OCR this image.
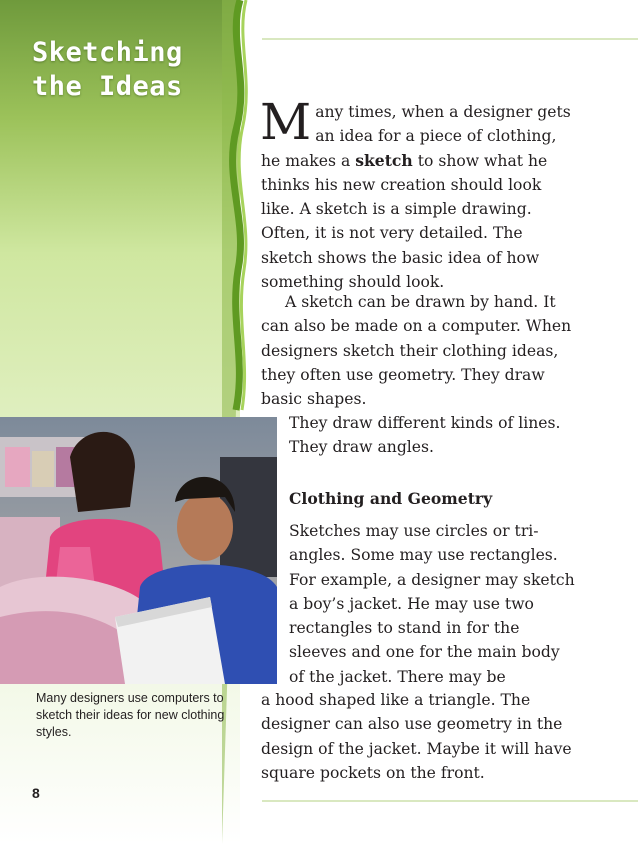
Sketching
the Ideas

Many times, when a designer gets an idea for a piece of clothing, he makes a sketch to show what he thinks his new creation should look like. A sketch is a simple drawing. Often, it is not very detailed. The sketch shows the basic idea of how something should look.

A sketch can be drawn by hand. It can also be made on a computer. When designers sketch their clothing ideas, they often use geometry. They draw basic shapes.

They draw different kinds of lines. They draw angles.

Clothing and Geometry

Sketches may use circles or tri-angles. Some may use rectangles. For example, a designer may sketch a boy’s jacket. He may use two rectangles to stand in for the sleeves and one for the main body of the jacket. There may be

a hood shaped like a triangle. The designer can also use geometry in the design of the jacket. Maybe it will have square pockets on the front.

Many designers use computers to sketch their ideas for new clothing styles.

8
